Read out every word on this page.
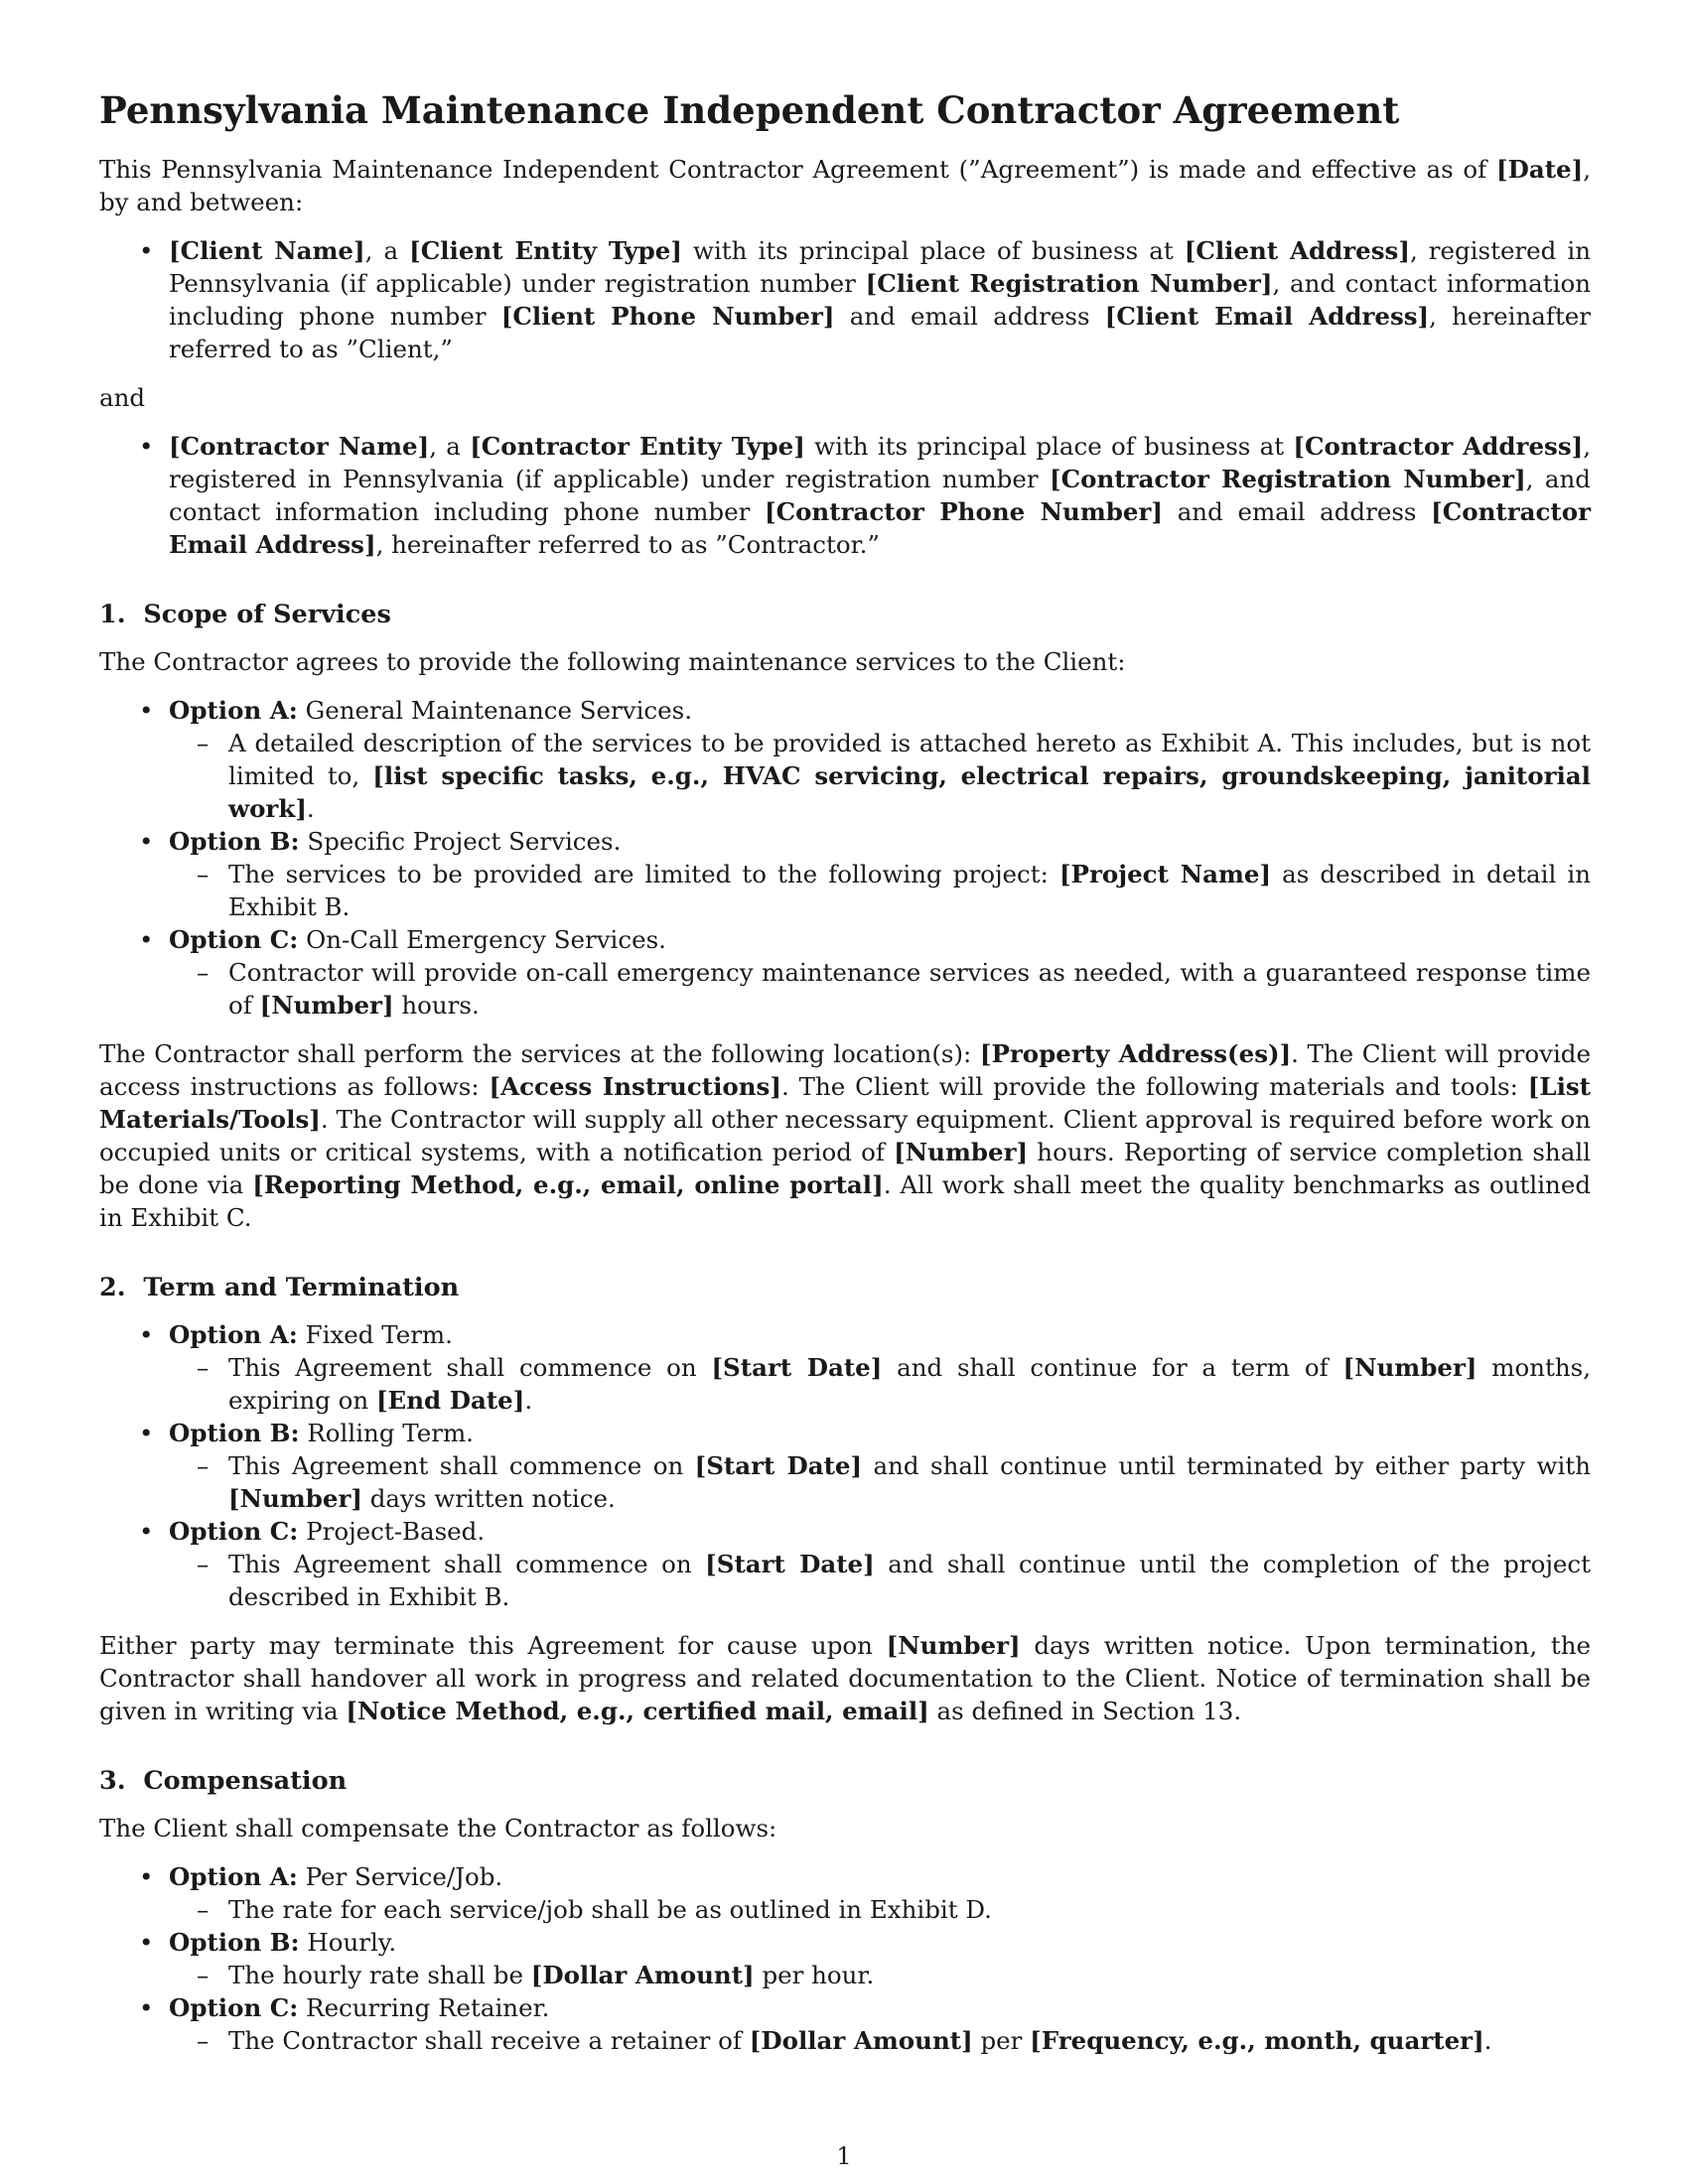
Pennsylvania Maintenance Independent Contractor Agreement

This Pennsylvania Maintenance Independent Contractor Agreement (”Agreement”) is made and effective as of [Date], by and between:

• [Client Name], a [Client Entity Type] with its principal place of business at [Client Address], registered in Pennsylvania (if applicable) under registration number [Client Registration Number], and contact information including phone number [Client Phone Number] and email address [Client Email Address], hereinafter referred to as ”Client,”
and
• [Contractor Name], a [Contractor Entity Type] with its principal place of business at [Contractor Address], registered in Pennsylvania (if applicable) under registration number [Contractor Registration Number], and contact information including phone number [Contractor Phone Number] and email address [Contractor Email Address], hereinafter referred to as ”Contractor.”
1.  Scope of Services

The Contractor agrees to provide the following maintenance services to the Client:

• Option A: General Maintenance Services.
– A detailed description of the services to be provided is attached hereto as Exhibit A. This includes, but is not limited to, [list specific tasks, e.g., HVAC servicing, electrical repairs, groundskeeping, janitorial work].
• Option B: Specific Project Services.
– The services to be provided are limited to the following project: [Project Name] as described in detail in Exhibit B.
• Option C: On-Call Emergency Services.
– Contractor will provide on-call emergency maintenance services as needed, with a guaranteed response time of [Number] hours.

The Contractor shall perform the services at the following location(s): [Property Address(es)]. The Client will provide access instructions as follows: [Access Instructions]. The Client will provide the following materials and tools: [List Materials/Tools]. The Contractor will supply all other necessary equipment. Client approval is required before work on occupied units or critical systems, with a notification period of [Number] hours. Reporting of service completion shall be done via [Reporting Method, e.g., email, online portal]. All work shall meet the quality benchmarks as outlined in Exhibit C.

2.  Term and Termination
• Option A: Fixed Term.
– This Agreement shall commence on [Start Date] and shall continue for a term of [Number] months, expiring on [End Date].
• Option B: Rolling Term.
– This Agreement shall commence on [Start Date] and shall continue until terminated by either party with [Number] days written notice.
• Option C: Project-Based.
– This Agreement shall commence on [Start Date] and shall continue until the completion of the project described in Exhibit B.

Either party may terminate this Agreement for cause upon [Number] days written notice. Upon termination, the Contractor shall handover all work in progress and related documentation to the Client. Notice of termination shall be given in writing via [Notice Method, e.g., certified mail, email] as defined in Section 13.

3.  Compensation

The Client shall compensate the Contractor as follows:

• Option A: Per Service/Job.
– The rate for each service/job shall be as outlined in Exhibit D.
• Option B: Hourly.
– The hourly rate shall be [Dollar Amount] per hour.
• Option C: Recurring Retainer.
– The Contractor shall receive a retainer of [Dollar Amount] per [Frequency, e.g., month, quarter].
1
